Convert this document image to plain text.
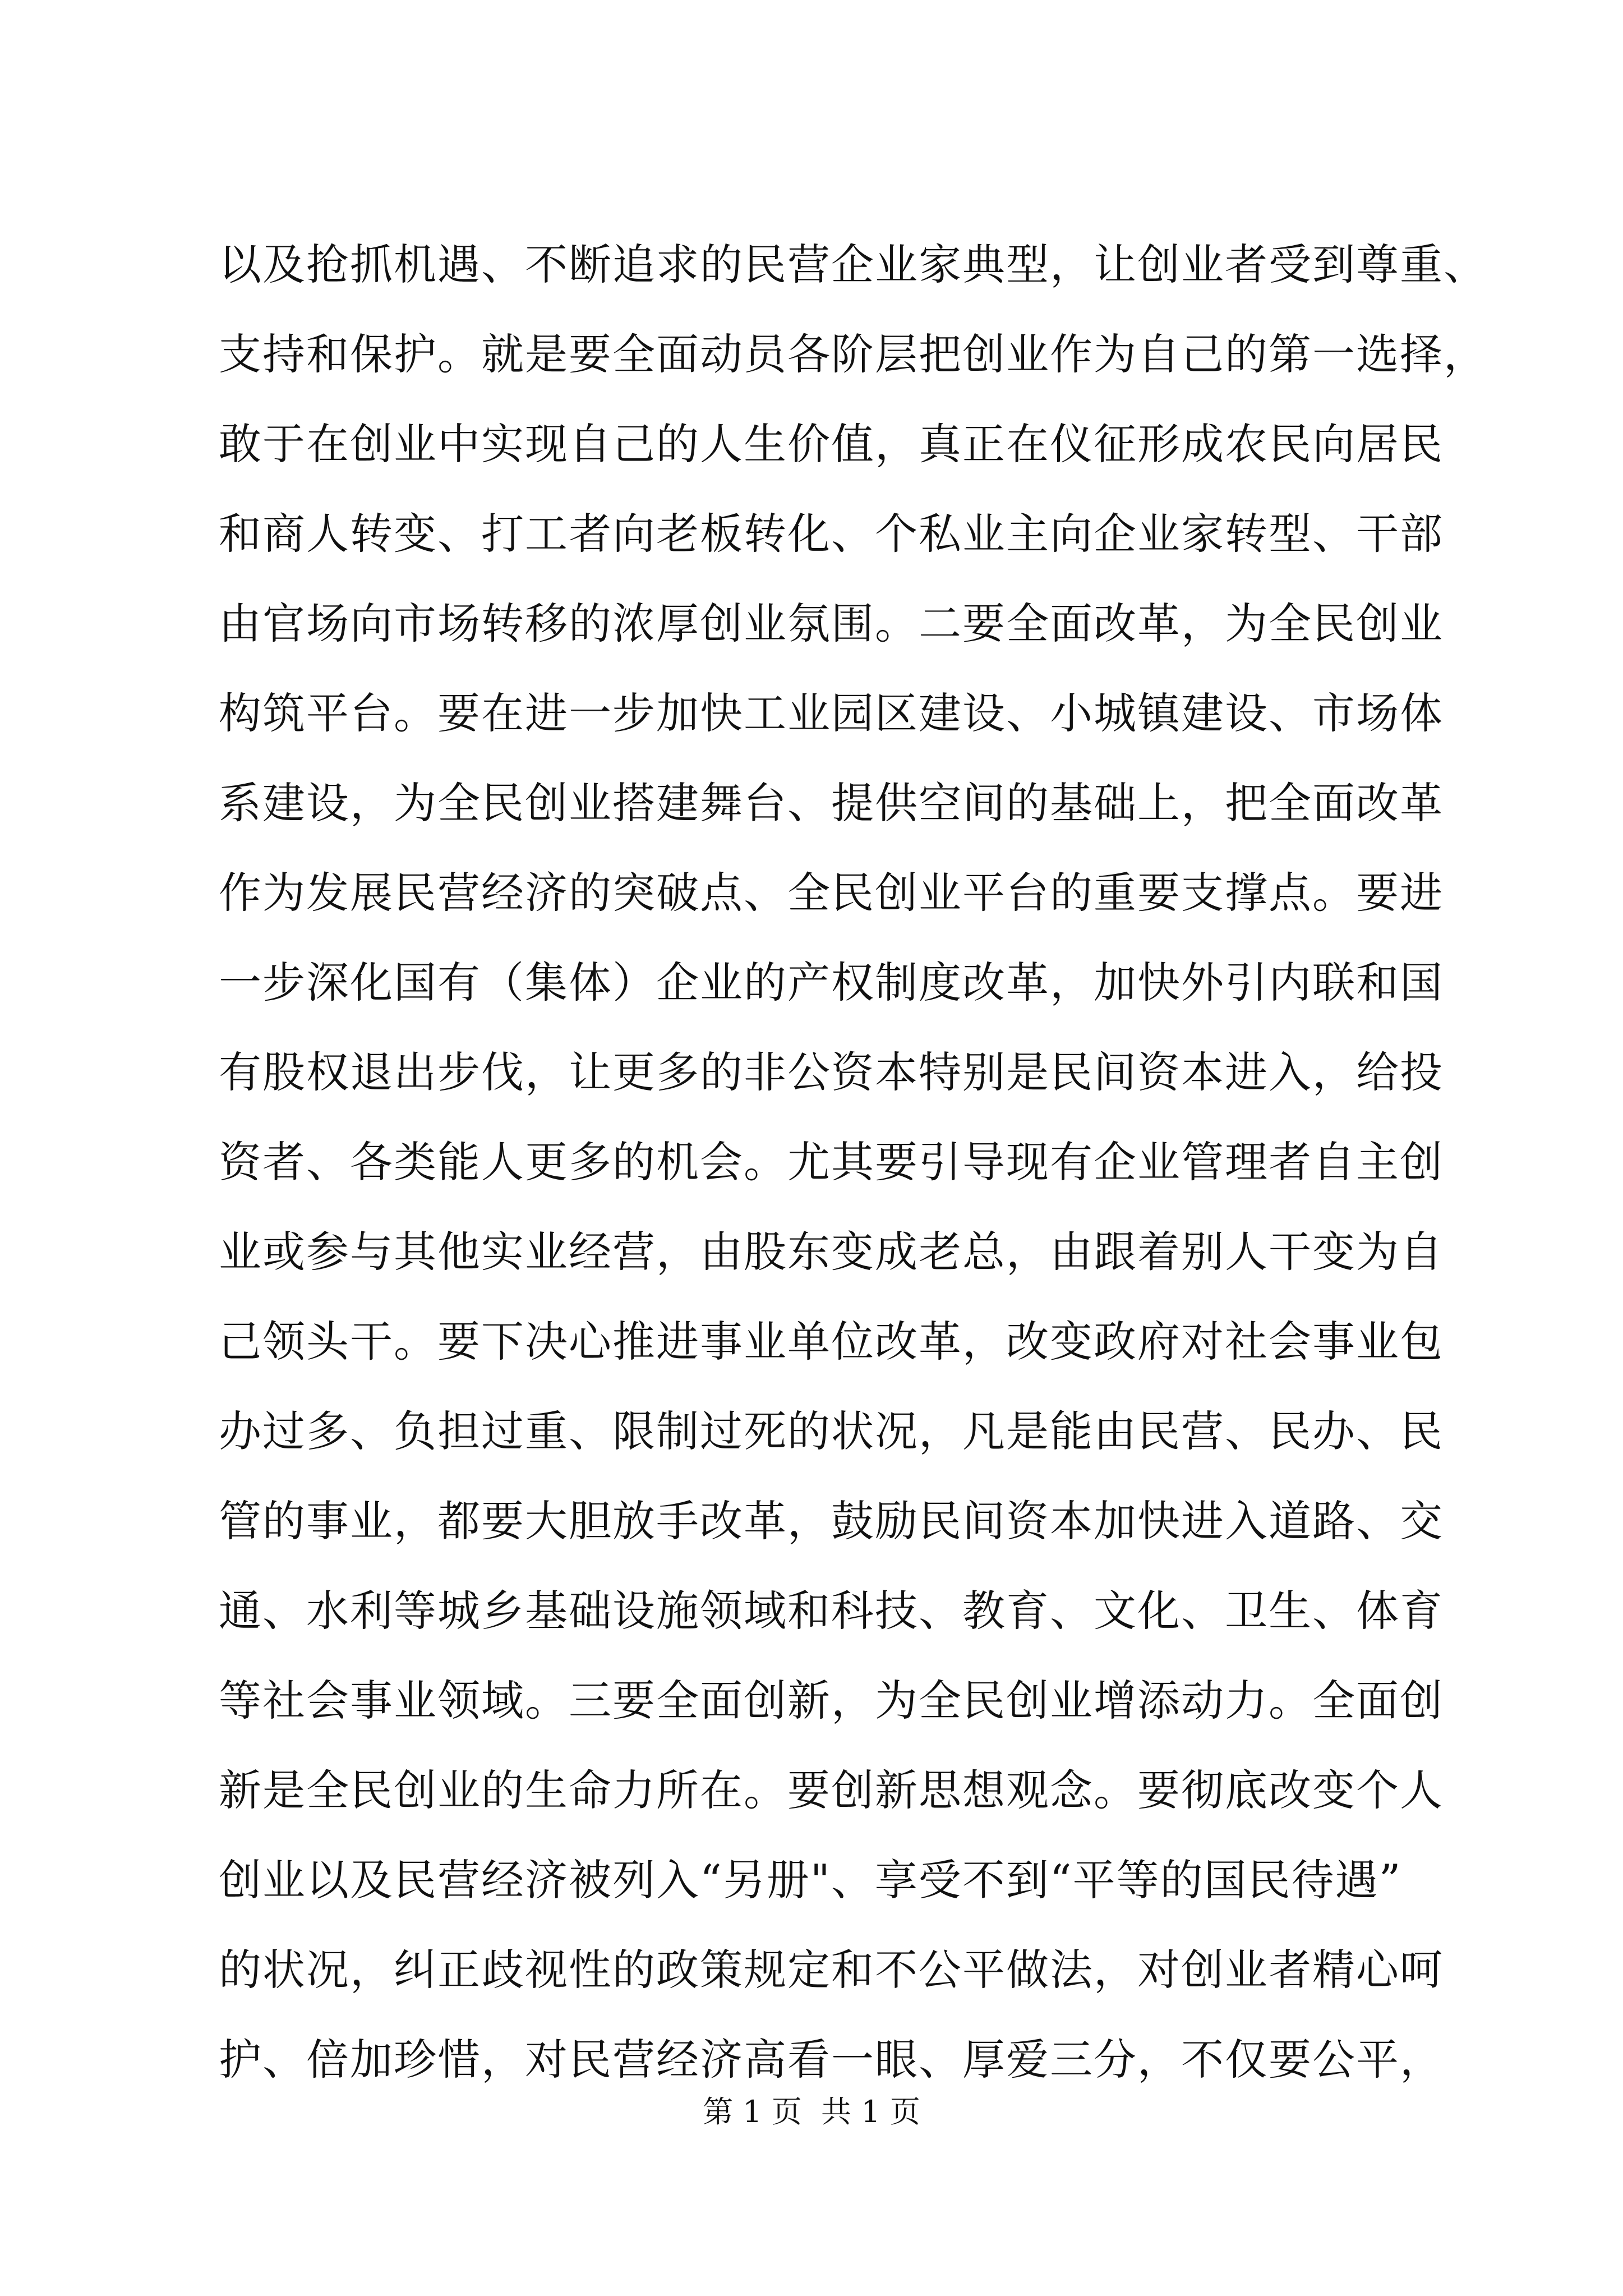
以及抢抓机遇、不断追求的民营企业家典型，让创业者受到尊重、
支持和保护。就是要全面动员各阶层把创业作为自己的第一选择，
敢于在创业中实现自己的人生价值，真正在仪征形成农民向居民
和商人转变、打工者向老板转化、个私业主向企业家转型、干部
由官场向市场转移的浓厚创业氛围。二要全面改革，为全民创业
构筑平台。要在进一步加快工业园区建设、小城镇建设、市场体
系建设，为全民创业搭建舞台、提供空间的基础上，把全面改革
作为发展民营经济的突破点、全民创业平台的重要支撑点。要进
一步深化国有（集体）企业的产权制度改革，加快外引内联和国
有股权退出步伐，让更多的非公资本特别是民间资本进入，给投
资者、各类能人更多的机会。尤其要引导现有企业管理者自主创
业或参与其他实业经营，由股东变成老总，由跟着别人干变为自
己领头干。要下决心推进事业单位改革，改变政府对社会事业包
办过多、负担过重、限制过死的状况，凡是能由民营、民办、民
管的事业，都要大胆放手改革，鼓励民间资本加快进入道路、交
通、水利等城乡基础设施领域和科技、教育、文化、卫生、体育
等社会事业领域。三要全面创新，为全民创业增添动力。全面创
新是全民创业的生命力所在。要创新思想观念。要彻底改变个人
创业以及民营经济被列入“另册"、享受不到“平等的国民待遇”
的状况，纠正歧视性的政策规定和不公平做法，对创业者精心呵
护、倍加珍惜，对民营经济高看一眼、厚爱三分，不仅要公平，
第 1 页  共 1 页
